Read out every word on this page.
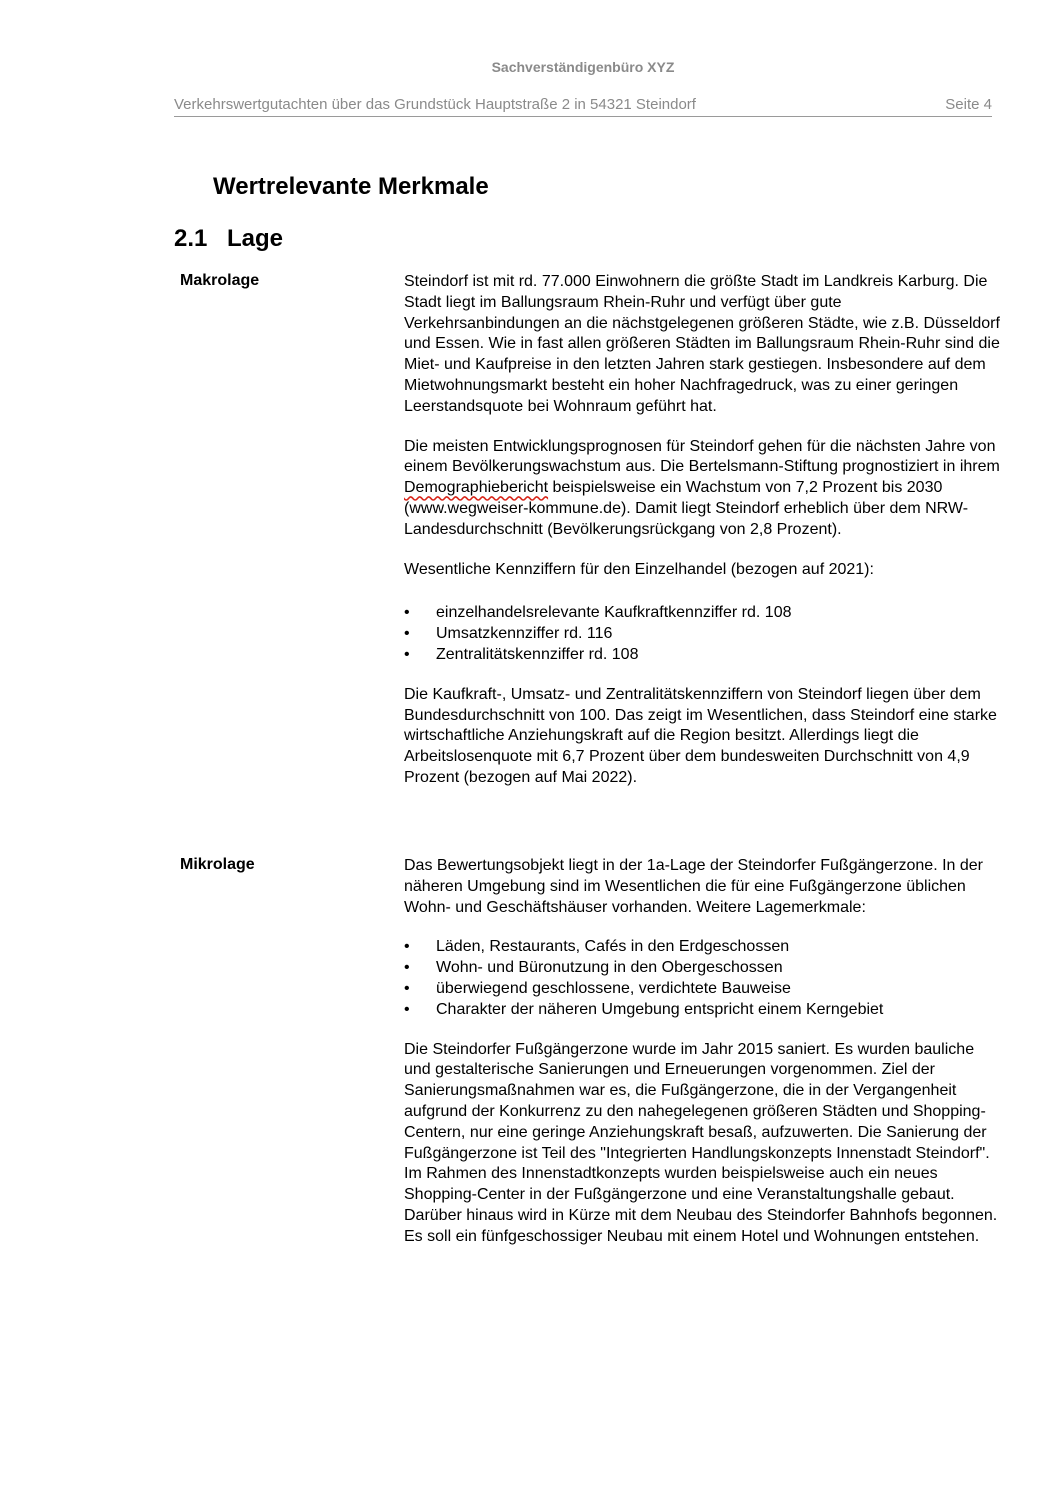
Sachverständigenbüro XYZ
Verkehrswertgutachten über das Grundstück Hauptstraße 2 in 54321 Steindorf	Seite 4
Wertrelevante Merkmale
2.1 Lage
Makrolage	Steindorf ist mit rd. 77.000 Einwohnern die größte Stadt im Landkreis Karburg. Die Stadt liegt im Ballungsraum Rhein-Ruhr und verfügt über gute Verkehrsanbindungen an die nächstgelegenen größeren Städte, wie z.B. Düsseldorf und Essen. Wie in fast allen größeren Städten im Ballungsraum Rhein-Ruhr sind die Miet- und Kaufpreise in den letzten Jahren stark gestiegen. Insbesondere auf dem Mietwohnungsmarkt besteht ein hoher Nachfragedruck, was zu einer geringen Leerstandsquote bei Wohnraum geführt hat.

Die meisten Entwicklungsprognosen für Steindorf gehen für die nächsten Jahre von einem Bevölkerungswachstum aus. Die Bertelsmann-Stiftung prognostiziert in ihrem Demographiebericht beispielsweise ein Wachstum von 7,2 Prozent bis 2030 (www.wegweiser-kommune.de). Damit liegt Steindorf erheblich über dem NRW-Landesdurchschnitt (Bevölkerungsrückgang von 2,8 Prozent).

Wesentliche Kennziffern für den Einzelhandel (bezogen auf 2021):

• einzelhandelsrelevante Kaufkraftkennziffer rd. 108
• Umsatzkennziffer rd. 116
• Zentralitätskennziffer rd. 108

Die Kaufkraft-, Umsatz- und Zentralitätskennziffern von Steindorf liegen über dem Bundesdurchschnitt von 100. Das zeigt im Wesentlichen, dass Steindorf eine starke wirtschaftliche Anziehungskraft auf die Region besitzt. Allerdings liegt die Arbeitslosenquote mit 6,7 Prozent über dem bundesweiten Durchschnitt von 4,9 Prozent (bezogen auf Mai 2022).

Mikrolage	Das Bewertungsobjekt liegt in der 1a-Lage der Steindorfer Fußgängerzone. In der näheren Umgebung sind im Wesentlichen die für eine Fußgängerzone üblichen Wohn- und Geschäftshäuser vorhanden. Weitere Lagemerkmale:

• Läden, Restaurants, Cafés in den Erdgeschossen
• Wohn- und Büronutzung in den Obergeschossen
• überwiegend geschlossene, verdichtete Bauweise
• Charakter der näheren Umgebung entspricht einem Kerngebiet

Die Steindorfer Fußgängerzone wurde im Jahr 2015 saniert. Es wurden bauliche und gestalterische Sanierungen und Erneuerungen vorgenommen. Ziel der Sanierungsmaßnahmen war es, die Fußgängerzone, die in der Vergangenheit aufgrund der Konkurrenz zu den nahegelegenen größeren Städten und Shopping-Centern, nur eine geringe Anziehungskraft besaß, aufzuwerten. Die Sanierung der Fußgängerzone ist Teil des "Integrierten Handlungskonzepts Innenstadt Steindorf". Im Rahmen des Innenstadtkonzepts wurden beispielsweise auch ein neues Shopping-Center in der Fußgängerzone und eine Veranstaltungshalle gebaut. Darüber hinaus wird in Kürze mit dem Neubau des Steindorfer Bahnhofs begonnen. Es soll ein fünfgeschossiger Neubau mit einem Hotel und Wohnungen entstehen.
